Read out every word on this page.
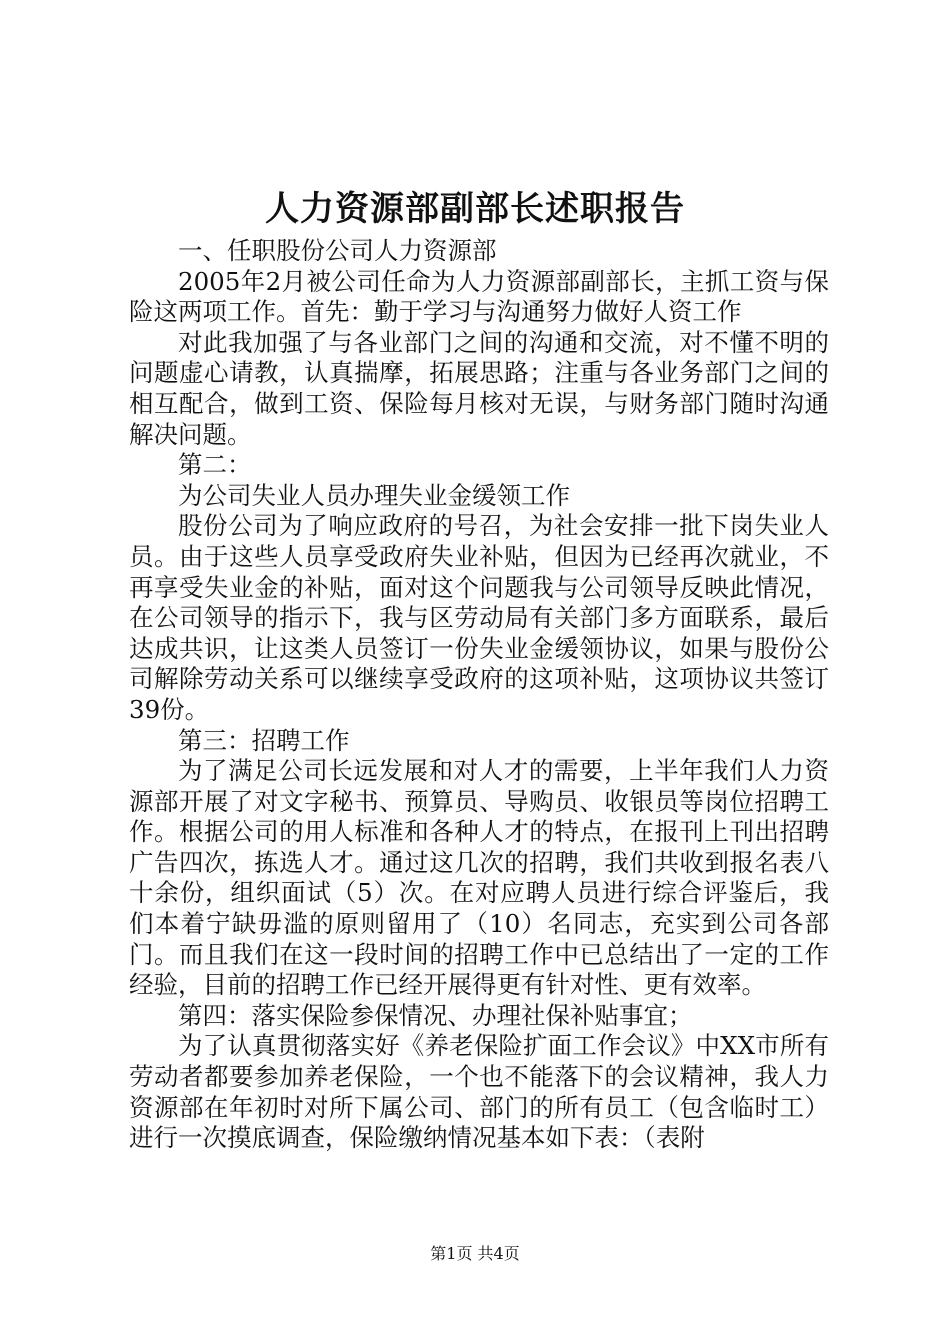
人力资源部副部长述职报告

一、任职股份公司人力资源部

2005年2月被公司任命为人力资源部副部长，主抓工资与保险这两项工作。首先：勤于学习与沟通努力做好人资工作

对此我加强了与各业部门之间的沟通和交流，对不懂不明的问题虚心请教，认真揣摩，拓展思路；注重与各业务部门之间的相互配合，做到工资、保险每月核对无误，与财务部门随时沟通解决问题。

第二：

为公司失业人员办理失业金缓领工作

股份公司为了响应政府的号召，为社会安排一批下岗失业人员。由于这些人员享受政府失业补贴，但因为已经再次就业，不再享受失业金的补贴，面对这个问题我与公司领导反映此情况，在公司领导的指示下，我与区劳动局有关部门多方面联系，最后达成共识，让这类人员签订一份失业金缓领协议，如果与股份公司解除劳动关系可以继续享受政府的这项补贴，这项协议共签订39份。

第三：招聘工作

为了满足公司长远发展和对人才的需要，上半年我们人力资源部开展了对文字秘书、预算员、导购员、收银员等岗位招聘工作。根据公司的用人标准和各种人才的特点，在报刊上刊出招聘广告四次，拣选人才。通过这几次的招聘，我们共收到报名表八十余份，组织面试（5）次。在对应聘人员进行综合评鉴后，我们本着宁缺毋滥的原则留用了（10）名同志，充实到公司各部门。而且我们在这一段时间的招聘工作中已总结出了一定的工作经验，目前的招聘工作已经开展得更有针对性、更有效率。

第四：落实保险参保情况、办理社保补贴事宜；

为了认真贯彻落实好《养老保险扩面工作会议》中XX市所有劳动者都要参加养老保险，一个也不能落下的会议精神，我人力资源部在年初时对所下属公司、部门的所有员工（包含临时工）进行一次摸底调查，保险缴纳情况基本如下表：（表附

第1页 共4页
